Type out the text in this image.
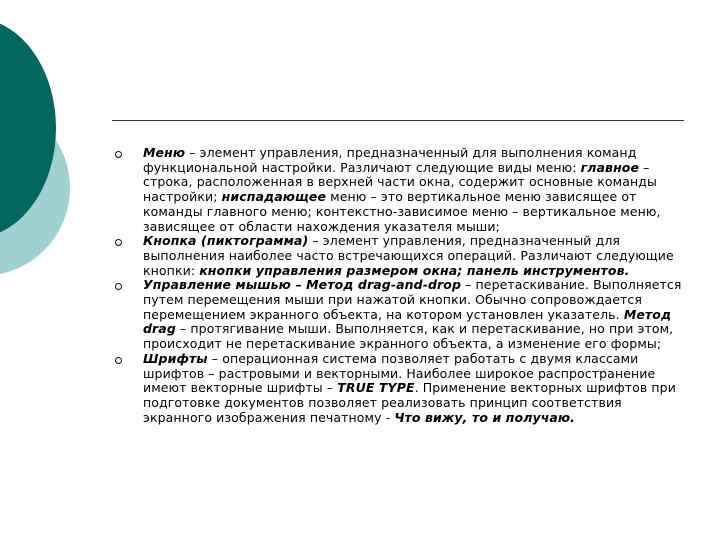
Меню – элемент управления, предназначенный для выполнения команд функциональной настройки. Различают следующие виды меню: главное – строка, расположенная в верхней части окна, содержит основные команды настройки; ниспадающее меню – это вертикальное меню зависящее от команды главного меню; контекстно-зависимое меню – вертикальное меню, зависящее от области нахождения указателя мыши;
Кнопка (пиктограмма) – элемент управления, предназначенный для выполнения наиболее часто встречающихся операций. Различают следующие кнопки: кнопки управления размером окна; панель инструментов.
Управление мышью – Метод drag-and-drop – перетаскивание. Выполняется путем перемещения мыши при нажатой кнопки. Обычно сопровождается перемещением экранного объекта, на котором установлен указатель. Метод drag – протягивание мыши. Выполняется, как и перетаскивание, но при этом, происходит не перетаскивание экранного объекта, а изменение его формы;
Шрифты – операционная система позволяет работать с двумя классами шрифтов – растровыми и векторными. Наиболее широкое распространение имеют векторные шрифты – TRUE TYPE. Применение векторных шрифтов при подготовке документов позволяет реализовать принцип соответствия экранного изображения печатному - Что вижу, то и получаю.
